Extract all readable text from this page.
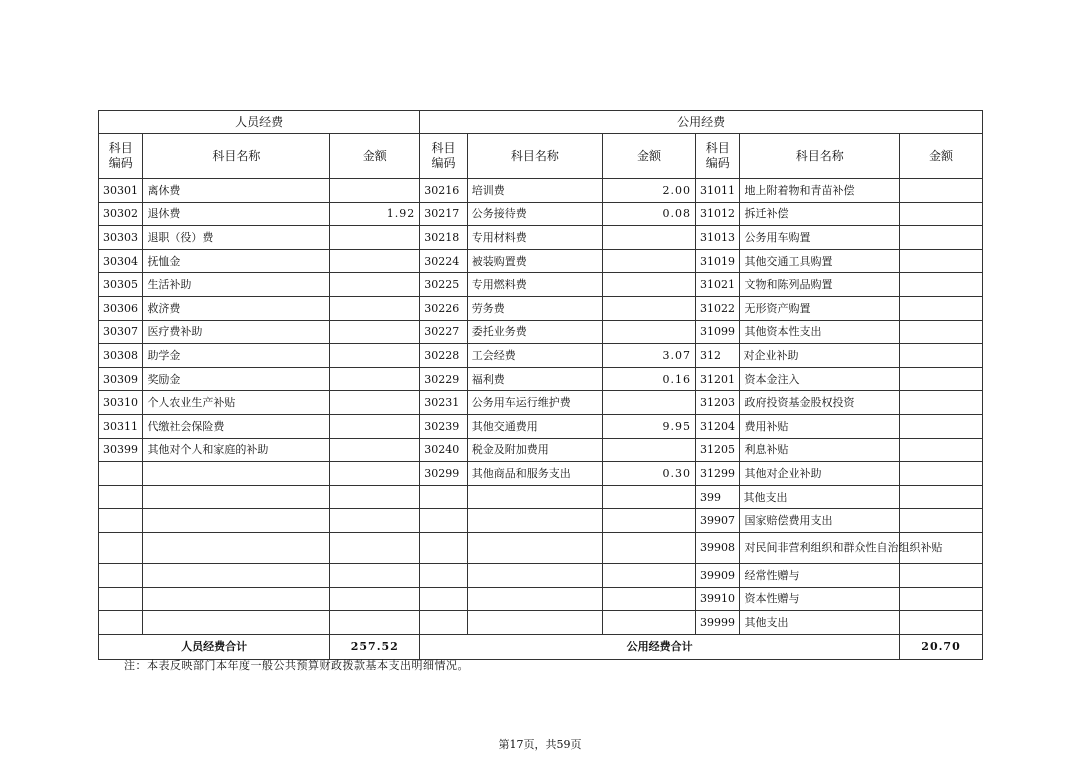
人员经费			公用经费					
科目编码	科目名称	金额	科目编码	科目名称	金额	科目编码	科目名称	金额
30301	离休费		30216	培训费	2.00	31011	地上附着物和青苗补偿	
30302	退休费	1.92	30217	公务接待费	0.08	31012	拆迁补偿	
30303	退职（役）费		30218	专用材料费		31013	公务用车购置	
30304	抚恤金		30224	被装购置费		31019	其他交通工具购置	
30305	生活补助		30225	专用燃料费		31021	文物和陈列品购置	
30306	救济费		30226	劳务费		31022	无形资产购置	
30307	医疗费补助		30227	委托业务费		31099	其他资本性支出	
30308	助学金		30228	工会经费	3.07	312	对企业补助	
30309	奖励金		30229	福利费	0.16	31201	资本金注入	
30310	个人农业生产补贴		30231	公务用车运行维护费		31203	政府投资基金股权投资	
30311	代缴社会保险费		30239	其他交通费用	9.95	31204	费用补贴	
30399	其他对个人和家庭的补助		30240	税金及附加费用		31205	利息补贴	
			30299	其他商品和服务支出	0.30	31299	其他对企业补助	
						399	其他支出	
						39907	国家赔偿费用支出	
						39908	对民间非营利组织和群众性自治组织补贴	
						39909	经常性赠与	
						39910	资本性赠与	
						39999	其他支出	
人员经费合计		257.52	公用经费合计					20.70
注：本表反映部门本年度一般公共预算财政拨款基本支出明细情况。
第17页，共59页
